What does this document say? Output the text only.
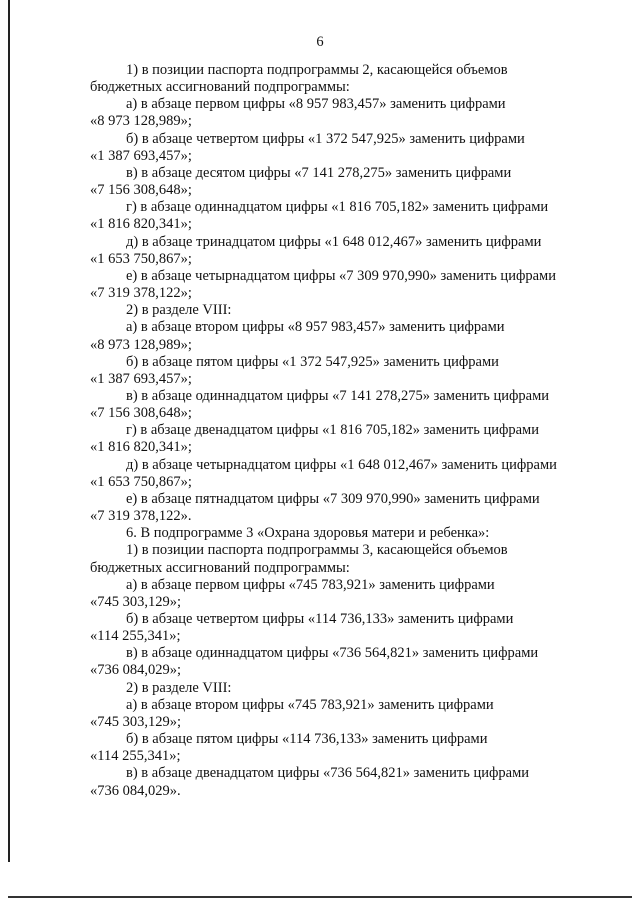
6

1) в позиции паспорта подпрограммы 2, касающейся объемов
бюджетных ассигнований подпрограммы:

а) в абзаце первом цифры «8 957 983,457» заменить цифрами
«8 973 128,989»;

б) в абзаце четвертом цифры «1 372 547,925» заменить цифрами
«1 387 693,457»;

в) в абзаце десятом цифры «7 141 278,275» заменить цифрами
«7 156 308,648»;

г) в абзаце одиннадцатом цифры «1 816 705,182» заменить цифрами
«1 816 820,341»;

д) в абзаце тринадцатом цифры «1 648 012,467» заменить цифрами
«1 653 750,867»;

е) в абзаце четырнадцатом цифры «7 309 970,990» заменить цифрами
«7 319 378,122»;

2) в разделе VIII:

а) в абзаце втором цифры «8 957 983,457» заменить цифрами
«8 973 128,989»;

б) в абзаце пятом цифры «1 372 547,925» заменить цифрами
«1 387 693,457»;

в) в абзаце одиннадцатом цифры «7 141 278,275» заменить цифрами
«7 156 308,648»;

г) в абзаце двенадцатом цифры «1 816 705,182» заменить цифрами
«1 816 820,341»;

д) в абзаце четырнадцатом цифры «1 648 012,467» заменить цифрами
«1 653 750,867»;

е) в абзаце пятнадцатом цифры «7 309 970,990» заменить цифрами
«7 319 378,122».

6. В подпрограмме 3 «Охрана здоровья матери и ребенка»:

1) в позиции паспорта подпрограммы 3, касающейся объемов
бюджетных ассигнований подпрограммы:

а) в абзаце первом цифры «745 783,921» заменить цифрами
«745 303,129»;

б) в абзаце четвертом цифры «114 736,133» заменить цифрами
«114 255,341»;

в) в абзаце одиннадцатом цифры «736 564,821» заменить цифрами
«736 084,029»;

2) в разделе VIII:

а) в абзаце втором цифры «745 783,921» заменить цифрами
«745 303,129»;

б) в абзаце пятом цифры «114 736,133» заменить цифрами
«114 255,341»;

в) в абзаце двенадцатом цифры «736 564,821» заменить цифрами
«736 084,029».
